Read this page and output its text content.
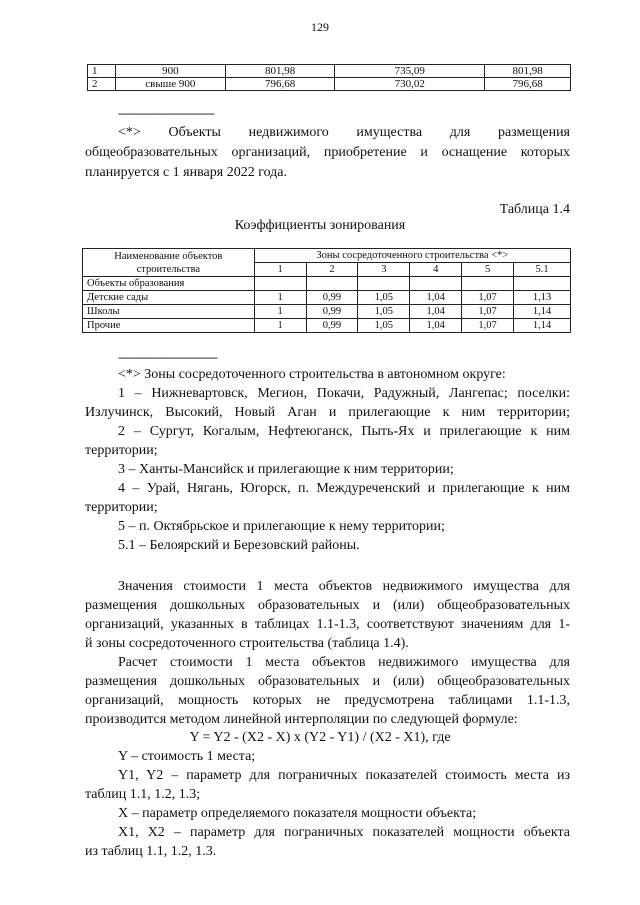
129
1	900	801,98	735,09	801,98
2	свыше 900	796,68	730,02	796,68
--------------------------------
<*> Объекты недвижимого имущества для размещения
общеобразовательных организаций, приобретение и оснащение которых
планируется с 1 января 2022 года.
Таблица 1.4
Коэффициенты зонирования
Наименование объектов строительства	Зоны сосредоточенного строительства <*>					
	1	2	3	4	5	5.1
Объекты образования						
Детские сады	1	0,99	1,05	1,04	1,07	1,13
Школы	1	0,99	1,05	1,04	1,07	1,14
Прочие	1	0,99	1,05	1,04	1,07	1,14
---------------------------------
<*> Зоны сосредоточенного строительства в автономном округе:
1 – Нижневартовск, Мегион, Покачи, Радужный, Лангепас; поселки:
Излучинск, Высокий, Новый Аган и прилегающие к ним территории;
2 – Сургут, Когалым, Нефтеюганск, Пыть-Ях и прилегающие к ним
территории;
3 – Ханты-Мансийск и прилегающие к ним территории;
4 – Урай, Нягань, Югорск, п. Междуреченский и прилегающие к ним
территории;
5 – п. Октябрьское и прилегающие к нему территории;
5.1 – Белоярский и Березовский районы.
Значения стоимости 1 места объектов недвижимого имущества для
размещения дошкольных образовательных и (или) общеобразовательных
организаций, указанных в таблицах 1.1-1.3, соответствуют значениям для 1-
й зоны сосредоточенного строительства (таблица 1.4).
Расчет стоимости 1 места объектов недвижимого имущества для
размещения дошкольных образовательных и (или) общеобразовательных
организаций, мощность которых не предусмотрена таблицами 1.1-1.3,
производится методом линейной интерполяции по следующей формуле:
Y = Y2 - (X2 - X) x (Y2 - Y1) / (X2 - X1), где
Y – стоимость 1 места;
Y1, Y2 – параметр для пограничных показателей стоимость места из
таблиц 1.1, 1.2, 1.3;
X – параметр определяемого показателя мощности объекта;
X1, X2 – параметр для пограничных показателей мощности объекта
из таблиц 1.1, 1.2, 1.3.
